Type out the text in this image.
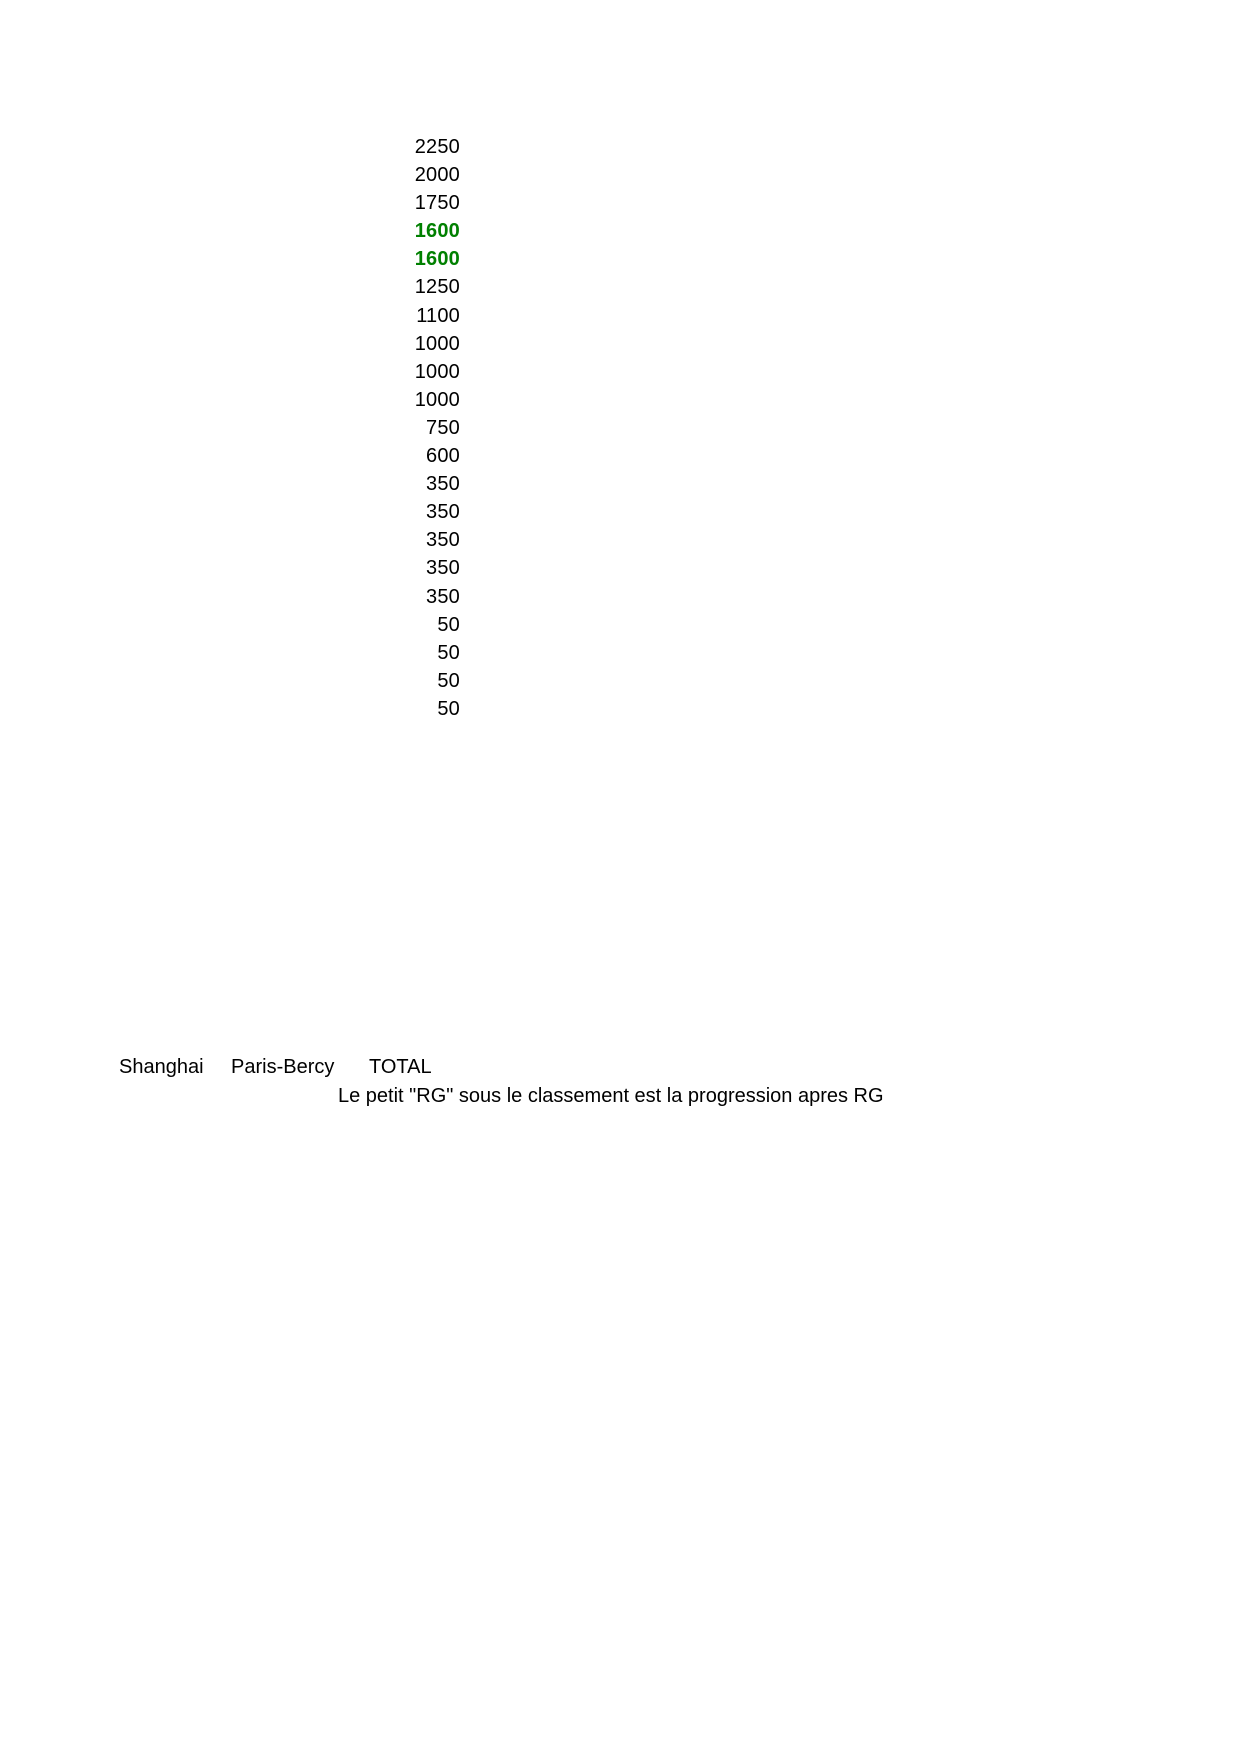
2250
2000
1750
1600
1600
1250
1100
1000
1000
1000
750
600
350
350
350
350
350
50
50
50
50
Shanghai Paris-Bercy TOTAL
Le petit "RG" sous le classement est la progression apres RG
